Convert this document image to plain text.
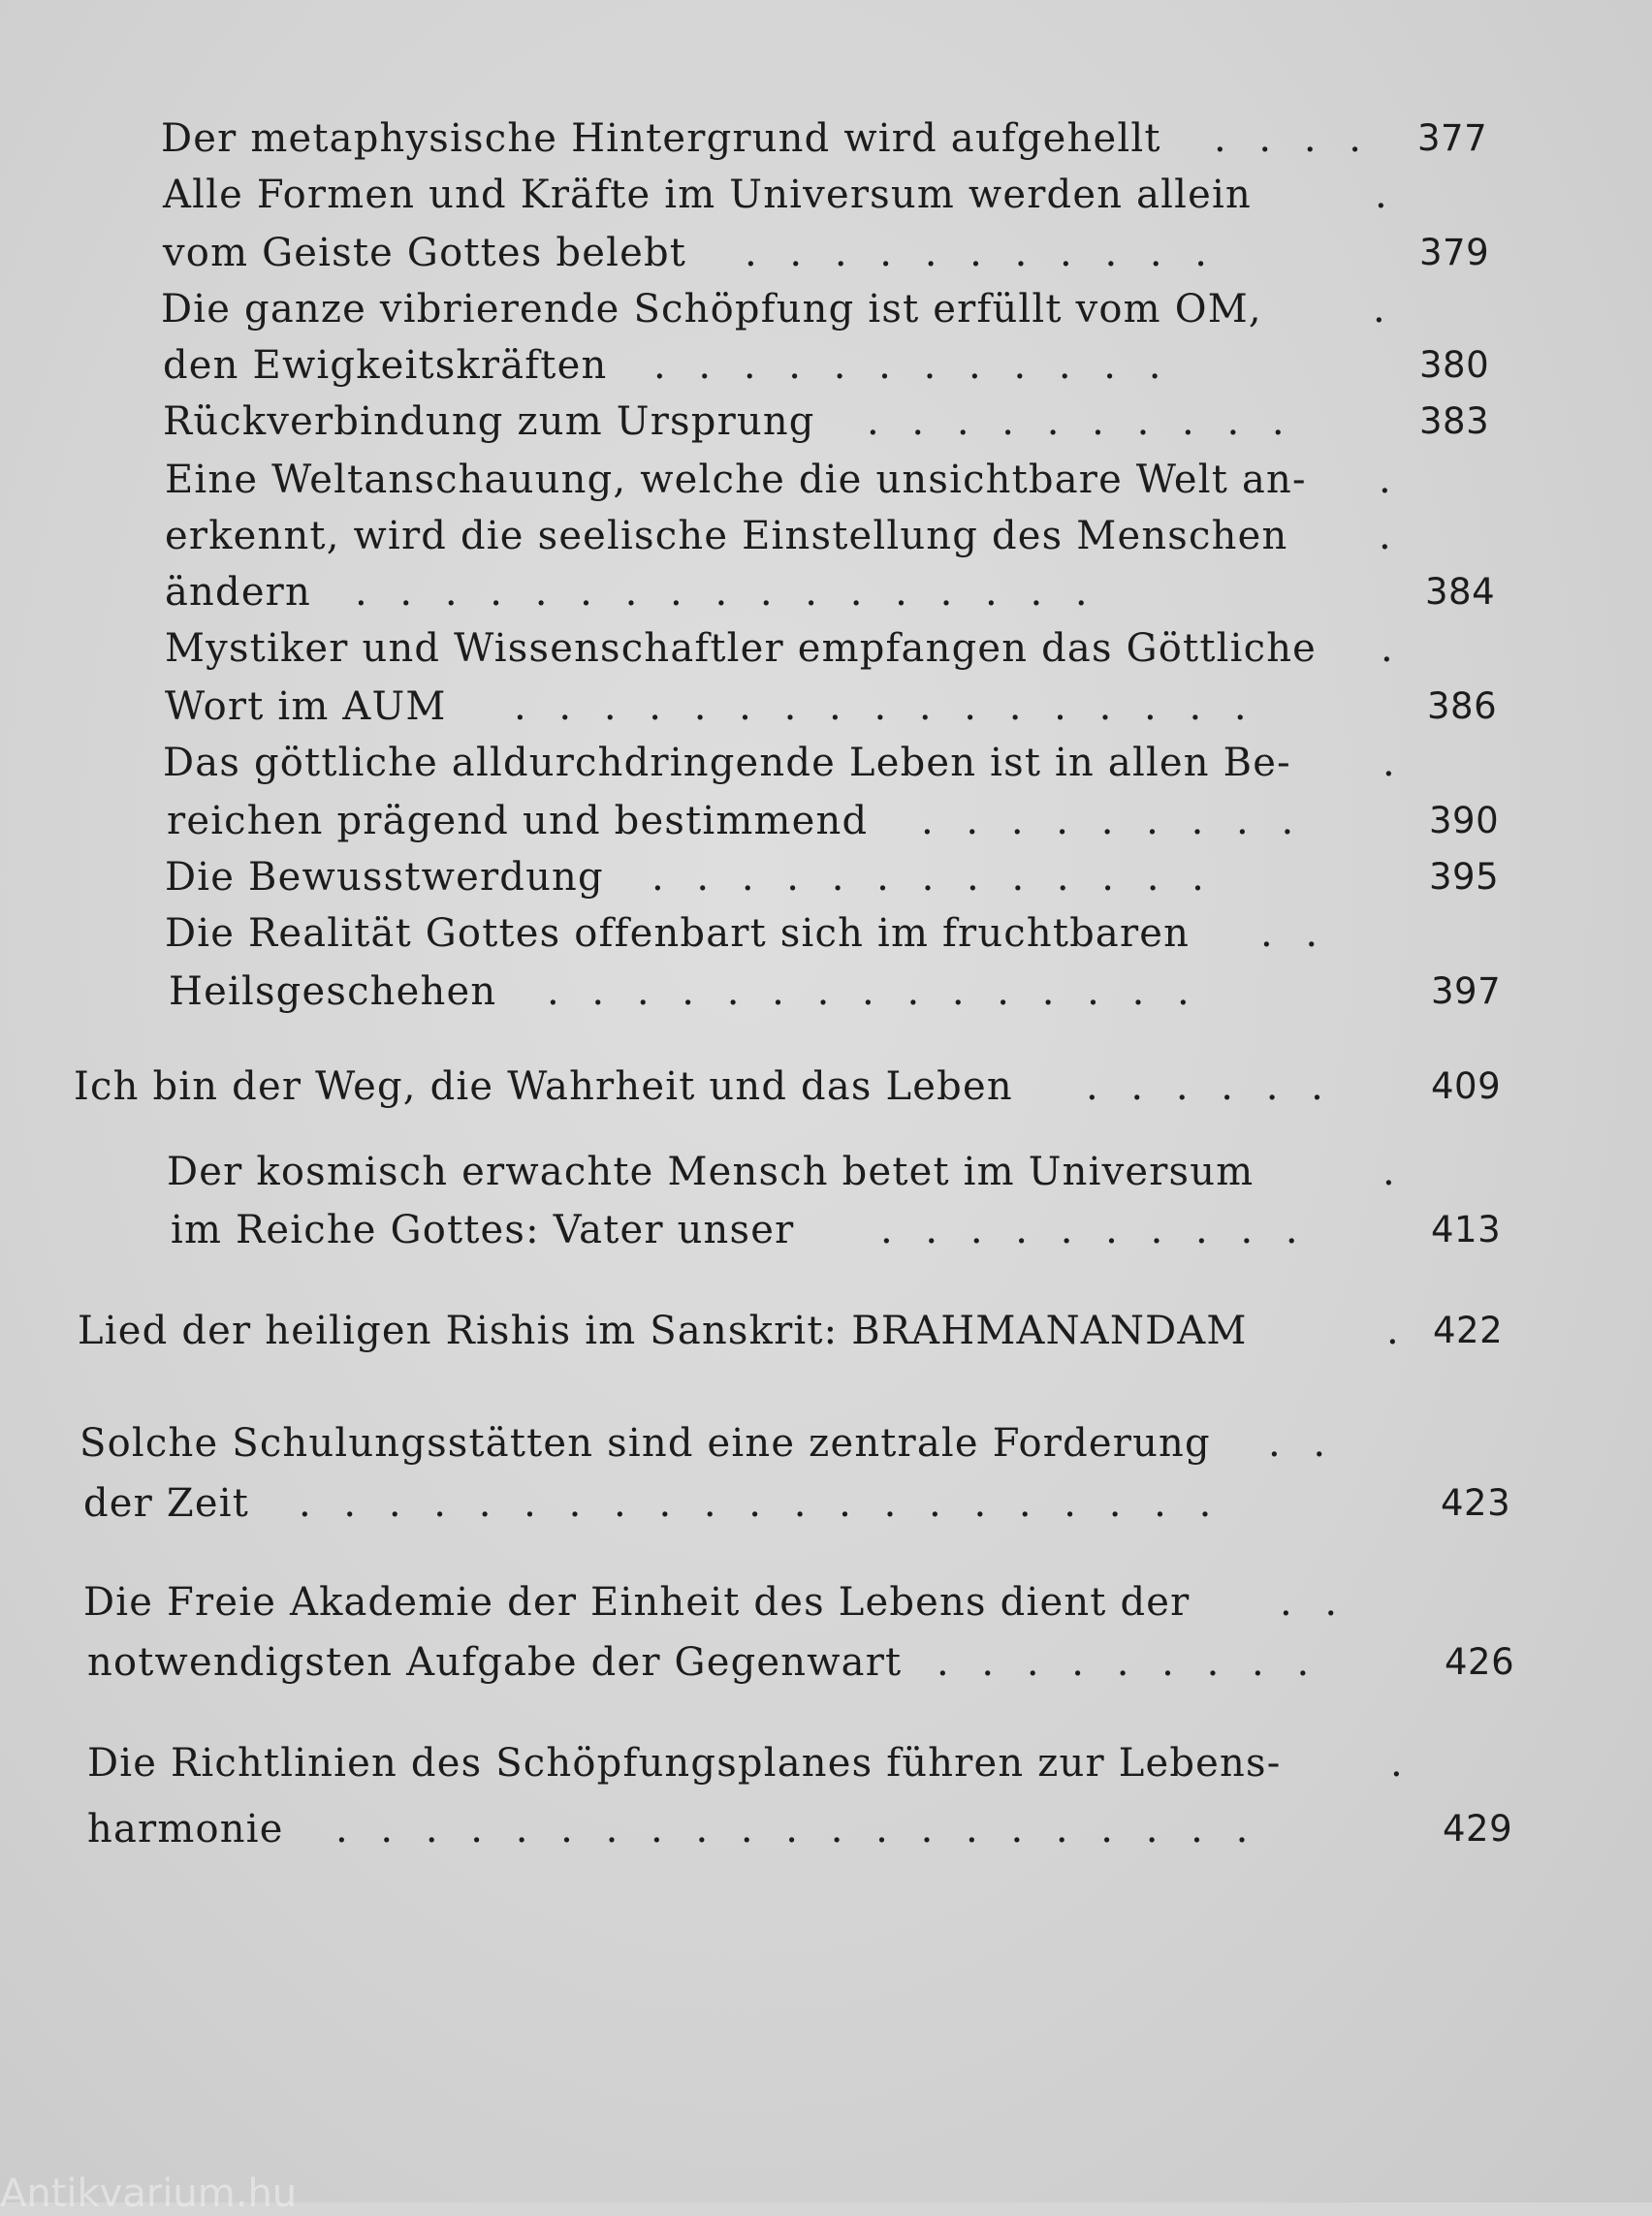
Der metaphysische Hintergrund wird aufgehellt . . . . 377
Alle Formen und Kräfte im Universum werden allein	.
vom Geiste Gottes belebt . . . . . . . . . . .	379
Die ganze vibrierende Schöpfung ist erfüllt vom OM,	.
den Ewigkeitskräften . . . . . . . . . . . .	380
Rückverbindung zum Ursprung . . . . . . . . . .	383
Eine Weltanschauung, welche die unsichtbare Welt an- .
erkennt, wird die seelische Einstellung des Menschen .
ändern . . . . . . . . . . . . . . . . .	384
Mystiker und Wissenschaftler empfangen das Göttliche .
Wort im AUM . . . . . . . . . . . . . . . . .	386
Das göttliche alldurchdringende Leben ist in allen Be- .
reichen prägend und bestimmend . . . . . . . . .	390
Die Bewusstwerdung . . . . . . . . . . . . .	395
Die Realität Gottes offenbart sich im fruchtbaren . .
Heilsgeschehen . . . . . . . . . . . . . . .	397
Ich bin der Weg, die Wahrheit und das Leben . . . . . .	409
Der kosmisch erwachte Mensch betet im Universum	.
im Reiche Gottes: Vater unser . . . . . . . . . .	413
Lied der heiligen Rishis im Sanskrit: BRAHMANANDAM	. 422
Solche Schulungsstätten sind eine zentrale Forderung . .
der Zeit . . . . . . . . . . . . . . . . . . . . .	423
Die Freie Akademie der Einheit des Lebens dient der . .
notwendigsten Aufgabe der Gegenwart . . . . . . . . .	426
Die Richtlinien des Schöpfungsplanes führen zur Lebens-	.
harmonie . . . . . . . . . . . . . . . . . . . . .	429
Antikvarium.hu
